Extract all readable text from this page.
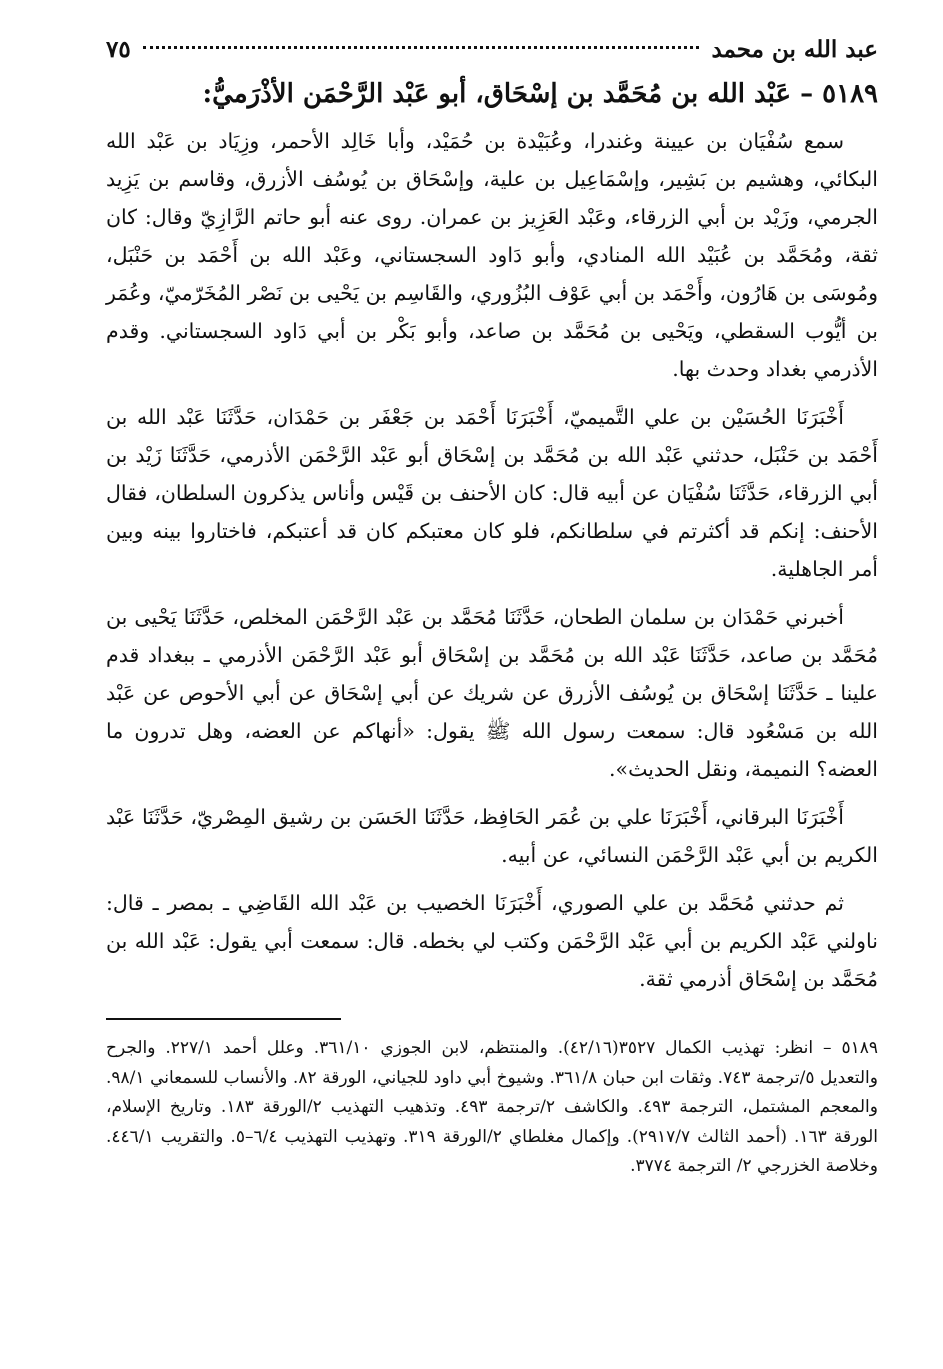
عبد الله بن محمد
٧٥
٥١٨٩ – عَبْد الله بن مُحَمَّد بن إسْحَاق، أبو عَبْد الرَّحْمَن الأذْرَميُّ:

سمع سُفْيَان بن عيينة وغندرا، وعُبَيْدة بن حُمَيْد، وأبا خَالِد الأحمر، وزِيَاد بن عَبْد الله البكائي، وهشيم بن بَشِير، وإسْمَاعِيل بن علية، وإسْحَاق بن يُوسُف الأزرق، وقاسم بن يَزِيد الجرمي، وزَيْد بن أبي الزرقاء، وعَبْد العَزِيز بن عمران. روى عنه أبو حاتم الرَّازِيّ وقال: كان ثقة، ومُحَمَّد بن عُبَيْد الله المنادي، وأبو دَاود السجستاني، وعَبْد الله بن أَحْمَد بن حَنْبَل، ومُوسَى بن هَارُون، وأَحْمَد بن أبي عَوْف البُزُوري، والقَاسِم بن يَحْيى بن نَصْر المُخَرّميّ، وعُمَر بن أيُّوب السقطي، ويَحْيى بن مُحَمَّد بن صاعد، وأبو بَكْر بن أبي دَاود السجستاني. وقدم الأذرمي بغداد وحدث بها.

أَخْبَرَنَا الحُسَيْن بن علي التَّميميّ، أَخْبَرَنَا أَحْمَد بن جَعْفَر بن حَمْدَان، حَدَّثَنَا عَبْد الله بن أَحْمَد بن حَنْبَل، حدثني عَبْد الله بن مُحَمَّد بن إسْحَاق أبو عَبْد الرَّحْمَن الأذرمي، حَدَّثَنَا زَيْد بن أبي الزرقاء، حَدَّثَنَا سُفْيَان عن أبيه قال: كان الأحنف بن قَيْس وأناس يذكرون السلطان، فقال الأحنف: إنكم قد أكثرتم في سلطانكم، فلو كان معتبكم كان قد أعتبكم، فاختاروا بينه وبين أمر الجاهلية.

أخبرني حَمْدَان بن سلمان الطحان، حَدَّثَنَا مُحَمَّد بن عَبْد الرَّحْمَن المخلص، حَدَّثَنَا يَحْيى بن مُحَمَّد بن صاعد، حَدَّثَنَا عَبْد الله بن مُحَمَّد بن إسْحَاق أبو عَبْد الرَّحْمَن الأذرمي ـ ببغداد قدم علينا ـ حَدَّثَنَا إسْحَاق بن يُوسُف الأزرق عن شريك عن أبي إسْحَاق عن أبي الأحوص عن عَبْد الله بن مَسْعُود قال: سمعت رسول الله ﷺ يقول: «أنهاكم عن العضه، وهل تدرون ما العضه؟ النميمة، ونقل الحديث».

أَخْبَرَنَا البرقاني، أَخْبَرَنَا علي بن عُمَر الحَافِظ، حَدَّثَنَا الحَسَن بن رشيق المِصْريّ، حَدَّثَنَا عَبْد الكريم بن أبي عَبْد الرَّحْمَن النسائي، عن أبيه.

ثم حدثني مُحَمَّد بن علي الصوري، أَخْبَرَنَا الخصيب بن عَبْد الله القَاضِي ـ بمصر ـ قال: ناولني عَبْد الكريم بن أبي عَبْد الرَّحْمَن وكتب لي بخطه. قال: سمعت أبي يقول: عَبْد الله بن مُحَمَّد بن إسْحَاق أذرمي ثقة.

٥١٨٩ – انظر: تهذيب الكمال ٣٥٢٧(٤٢/١٦). والمنتظم، لابن الجوزي ٣٦١/١٠. وعلل أحمد ٢٢٧/١. والجرح والتعديل ٥/ترجمة ٧٤٣. وثقات ابن حبان ٣٦١/٨. وشيوخ أبي داود للجياني، الورقة ٨٢. والأنساب للسمعاني ٩٨/١. والمعجم المشتمل، الترجمة ٤٩٣. والكاشف ٢/ترجمة ٤٩٣. وتذهيب التهذيب ٢/الورقة ١٨٣. وتاريخ الإسلام، الورقة ١٦٣. (أحمد الثالث ٢٩١٧/٧). وإكمال مغلطاي ٢/الورقة ٣١٩. وتهذيب التهذيب ٦/٤–٥. والتقريب ٤٤٦/١. وخلاصة الخزرجي ٢/ الترجمة ٣٧٧٤.
